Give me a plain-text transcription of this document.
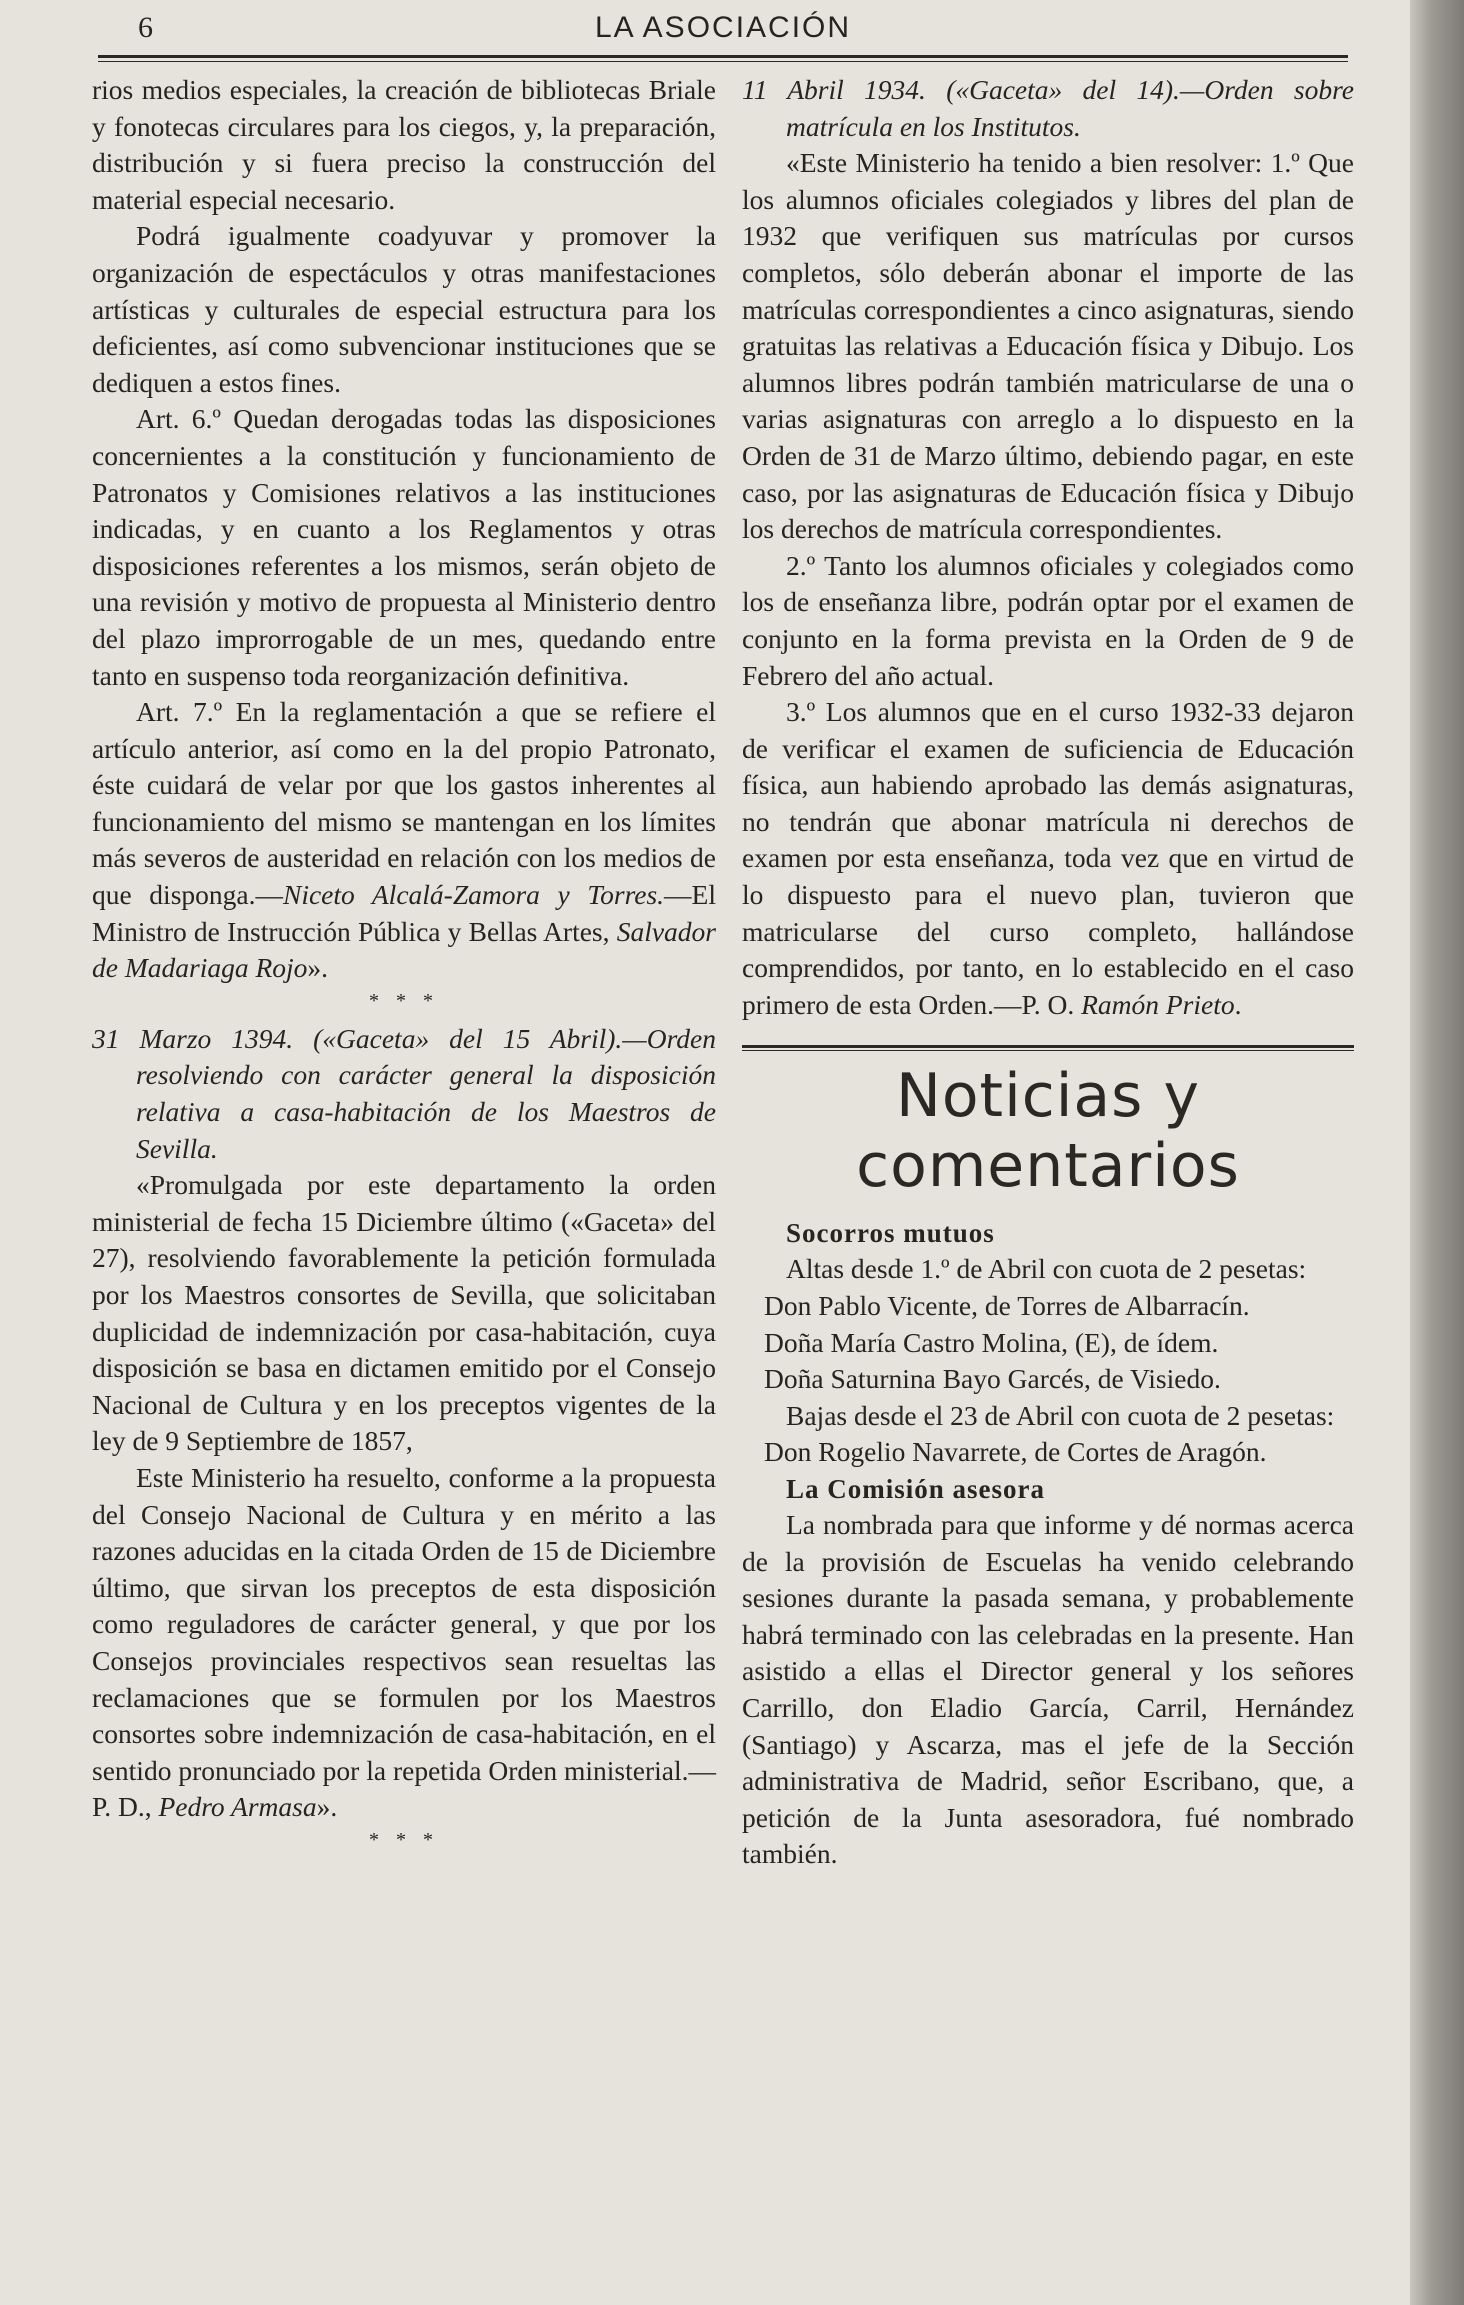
6	LA ASOCIACIÓN

rios medios especiales, la creación de bibliotecas Briale y fonotecas circulares para los ciegos, y, la preparación, distribución y si fuera preciso la construcción del material especial necesario.

Podrá igualmente coadyuvar y promover la organización de espectáculos y otras manifestaciones artísticas y culturales de especial estructura para los deficientes, así como subvencionar instituciones que se dediquen a estos fines.

Art. 6.º Quedan derogadas todas las disposiciones concernientes a la constitución y funcionamiento de Patronatos y Comisiones relativos a las instituciones indicadas, y en cuanto a los Reglamentos y otras disposiciones referentes a los mismos, serán objeto de una revisión y motivo de propuesta al Ministerio dentro del plazo improrrogable de un mes, quedando entre tanto en suspenso toda reorganización definitiva.

Art. 7.º En la reglamentación a que se refiere el artículo anterior, así como en la del propio Patronato, éste cuidará de velar por que los gastos inherentes al funcionamiento del mismo se mantengan en los límites más severos de austeridad en relación con los medios de que disponga.—Niceto Alcalá-Zamora y Torres.—El Ministro de Instrucción Pública y Bellas Artes, Salvador de Madariaga Rojo».

* * *

31 Marzo 1394. («Gaceta» del 15 Abril).—Orden resolviendo con carácter general la disposición relativa a casa-habitación de los Maestros de Sevilla.

«Promulgada por este departamento la orden ministerial de fecha 15 Diciembre último («Gaceta» del 27), resolviendo favorablemente la petición formulada por los Maestros consortes de Sevilla, que solicitaban duplicidad de indemnización por casa-habitación, cuya disposición se basa en dictamen emitido por el Consejo Nacional de Cultura y en los preceptos vigentes de la ley de 9 Septiembre de 1857,

Este Ministerio ha resuelto, conforme a la propuesta del Consejo Nacional de Cultura y en mérito a las razones aducidas en la citada Orden de 15 de Diciembre último, que sirvan los preceptos de esta disposición como reguladores de carácter general, y que por los Consejos provinciales respectivos sean resueltas las reclamaciones que se formulen por los Maestros consortes sobre indemnización de casa-habitación, en el sentido pronunciado por la repetida Orden ministerial.—P. D., Pedro Armasa».

* * *

11 Abril 1934. («Gaceta» del 14).—Orden sobre matrícula en los Institutos.

«Este Ministerio ha tenido a bien resolver: 1.º Que los alumnos oficiales colegiados y libres del plan de 1932 que verifiquen sus matrículas por cursos completos, sólo deberán abonar el importe de las matrículas correspondientes a cinco asignaturas, siendo gratuitas las relativas a Educación física y Dibujo. Los alumnos libres podrán también matricularse de una o varias asignaturas con arreglo a lo dispuesto en la Orden de 31 de Marzo último, debiendo pagar, en este caso, por las asignaturas de Educación física y Dibujo los derechos de matrícula correspondientes.

2.º Tanto los alumnos oficiales y colegiados como los de enseñanza libre, podrán optar por el examen de conjunto en la forma prevista en la Orden de 9 de Febrero del año actual.

3.º Los alumnos que en el curso 1932-33 dejaron de verificar el examen de suficiencia de Educación física, aun habiendo aprobado las demás asignaturas, no tendrán que abonar matrícula ni derechos de examen por esta enseñanza, toda vez que en virtud de lo dispuesto para el nuevo plan, tuvieron que matricularse del curso completo, hallándose comprendidos, por tanto, en lo establecido en el caso primero de esta Orden.—P. O. Ramón Prieto.

Noticias y comentarios

Socorros mutuos

Altas desde 1.º de Abril con cuota de 2 pesetas:

Don Pablo Vicente, de Torres de Albarracín.

Doña María Castro Molina, (E), de ídem.

Doña Saturnina Bayo Garcés, de Visiedo.

Bajas desde el 23 de Abril con cuota de 2 pesetas:

Don Rogelio Navarrete, de Cortes de Aragón.

La Comisión asesora

La nombrada para que informe y dé normas acerca de la provisión de Escuelas ha venido celebrando sesiones durante la pasada semana, y probablemente habrá terminado con las celebradas en la presente. Han asistido a ellas el Director general y los señores Carrillo, don Eladio García, Carril, Hernández (Santiago) y Ascarza, mas el jefe de la Sección administrativa de Madrid, señor Escribano, que, a petición de la Junta asesoradora, fué nombrado también.
